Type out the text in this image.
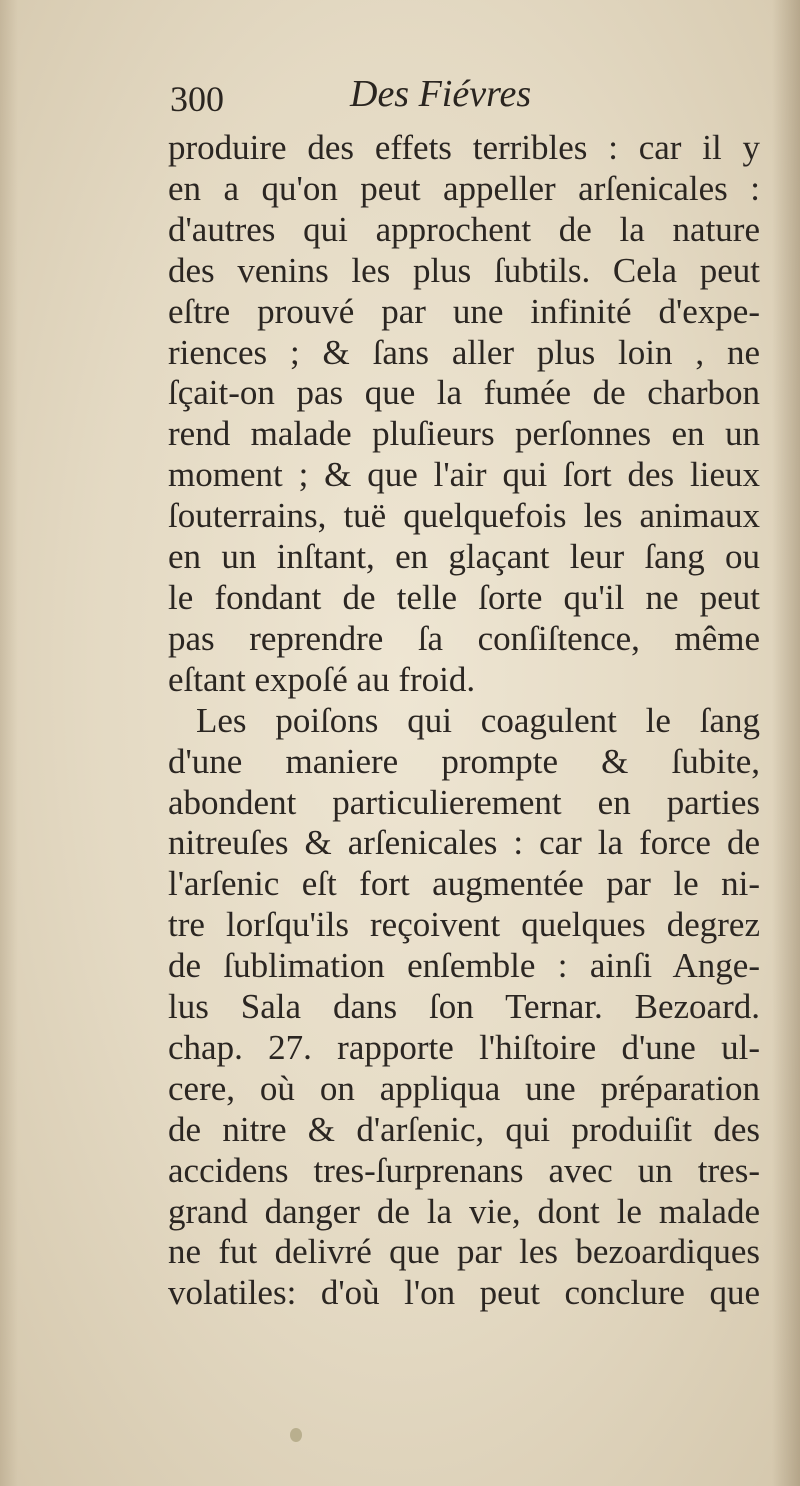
300	Des Fiévres
produire des effets terribles : car il y
en a qu'on peut appeller arſenicales :
d'autres qui approchent de la nature
des venins les plus ſubtils. Cela peut
eſtre prouvé par une infinité d'expe-
riences ; & ſans aller plus loin , ne
ſçait-on pas que la fumée de charbon
rend malade pluſieurs perſonnes en un
moment ; & que l'air qui ſort des lieux
ſouterrains, tuë quelquefois les animaux
en un inſtant, en glaçant leur ſang ou
le fondant de telle ſorte qu'il ne peut
pas reprendre ſa conſiſtence, même
eſtant expoſé au froid.
Les poiſons qui coagulent le ſang
d'une maniere prompte & ſubite,
abondent particulierement en parties
nitreuſes & arſenicales : car la force de
l'arſenic eſt fort augmentée par le ni-
tre lorſqu'ils reçoivent quelques degrez
de ſublimation enſemble : ainſi Ange-
lus Sala dans ſon Ternar. Bezoard.
chap. 27. rapporte l'hiſtoire d'une ul-
cere, où on appliqua une préparation
de nitre & d'arſenic, qui produiſit des
accidens tres-ſurprenans avec un tres-
grand danger de la vie, dont le malade
ne fut delivré que par les bezoardiques
volatiles: d'où l'on peut conclure que
